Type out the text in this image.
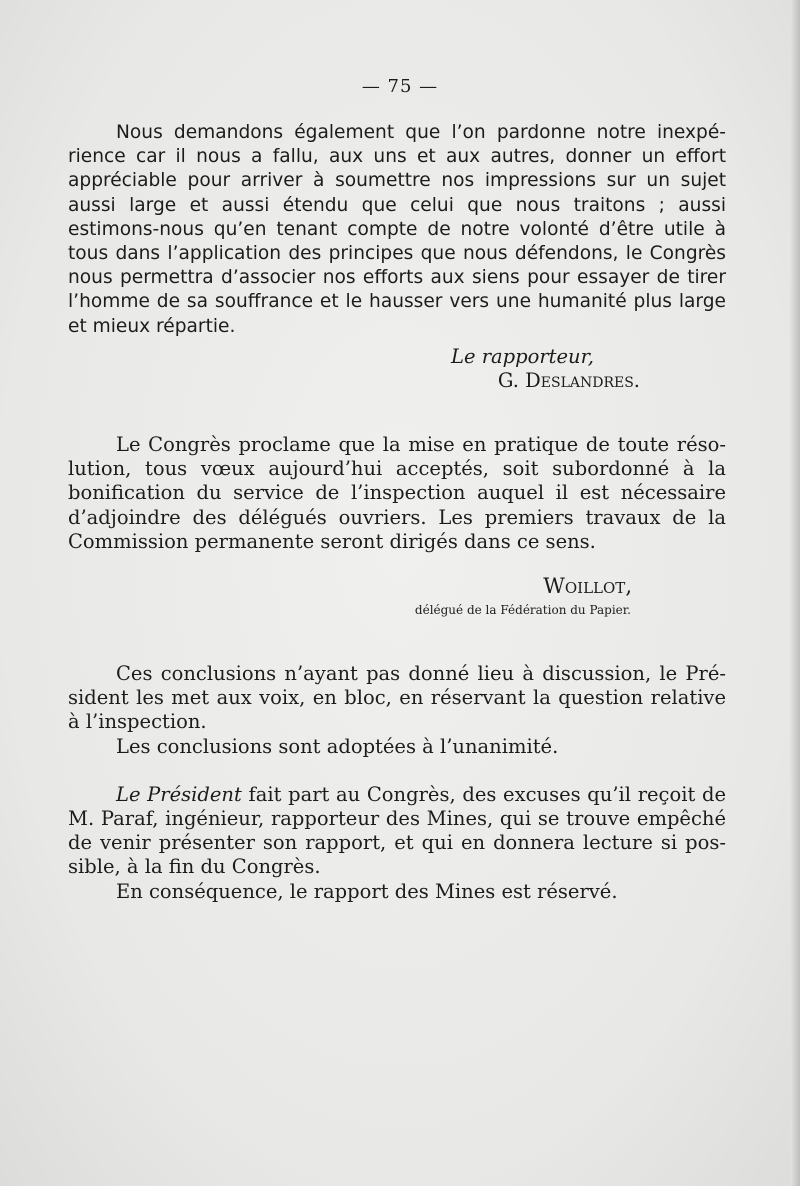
— 75 —

Nous demandons également que l’on pardonne notre inexpérience car il nous a fallu, aux uns et aux autres, donner un effort appréciable pour arriver à soumettre nos impressions sur un sujet aussi large et aussi étendu que celui que nous traitons ; aussi estimons-nous qu’en tenant compte de notre volonté d’être utile à tous dans l’application des principes que nous défendons, le Congrès nous permettra d’associer nos efforts aux siens pour essayer de tirer l’homme de sa souffrance et le hausser vers une humanité plus large et mieux répartie.

Le rapporteur,

G. Deslandres.

Le Congrès proclame que la mise en pratique de toute résolution, tous vœux aujourd’hui acceptés, soit subordonné à la bonification du service de l’inspection auquel il est nécessaire d’adjoindre des délégués ouvriers. Les premiers travaux de la Commission permanente seront dirigés dans ce sens.

Woillot,

délégué de la Fédération du Papier.

Ces conclusions n’ayant pas donné lieu à discussion, le Président les met aux voix, en bloc, en réservant la question relative à l’inspection.

Les conclusions sont adoptées à l’unanimité.

Le Président fait part au Congrès, des excuses qu’il reçoit de M. Paraf, ingénieur, rapporteur des Mines, qui se trouve empêché de venir présenter son rapport, et qui en donnera lecture si possible, à la fin du Congrès.

En conséquence, le rapport des Mines est réservé.
